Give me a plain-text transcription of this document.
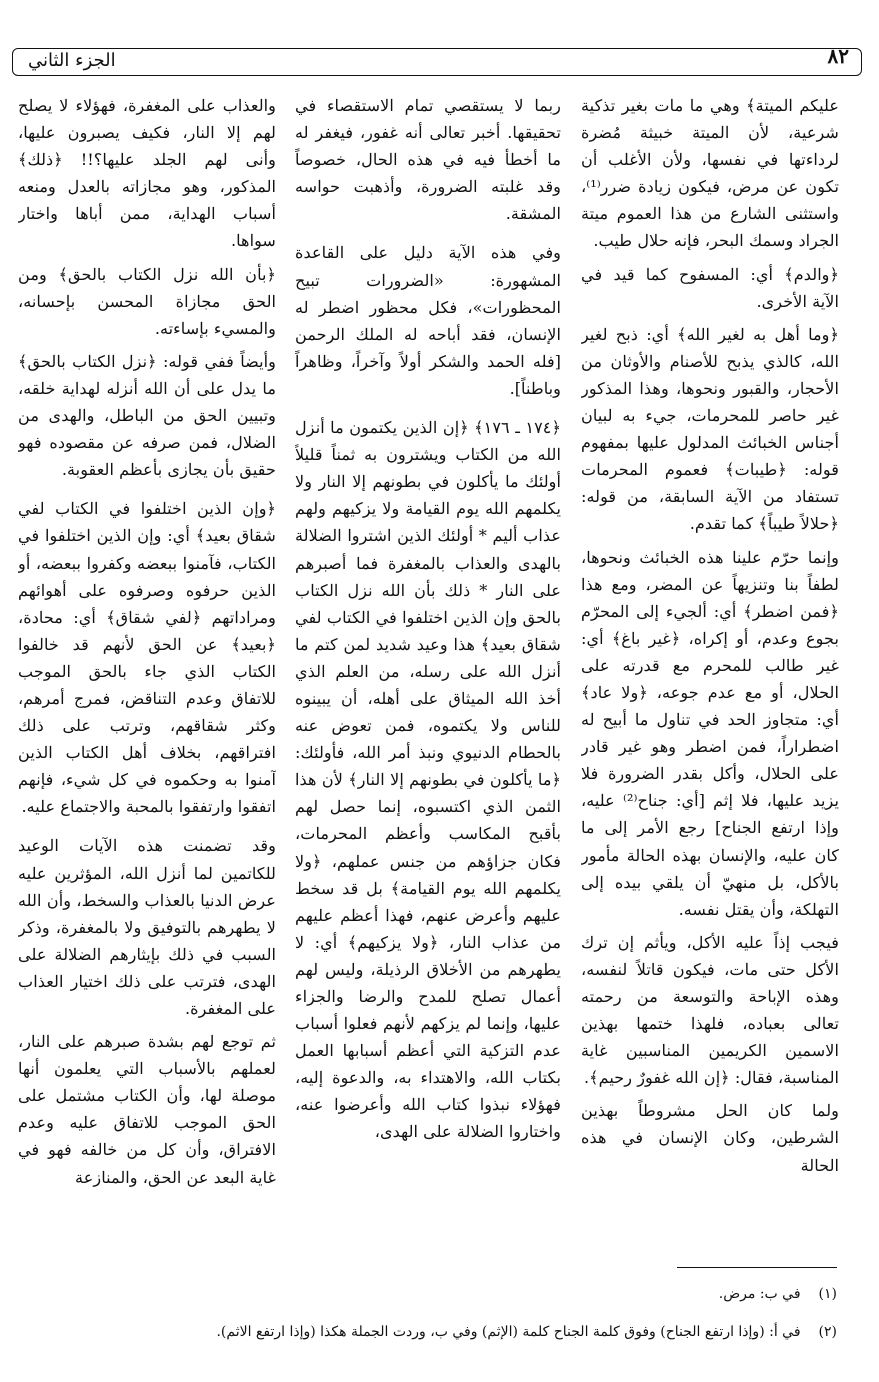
٨٢
الجزء الثاني

عليكم الميتة﴾ وهي ما مات بغير تذكية شرعية، لأن الميتة خبيثة مُضرة لرداءتها في نفسها، ولأن الأغلب أن تكون عن مرض، فيكون زيادة ضرر⁽¹⁾، واستثنى الشارع من هذا العموم ميتة الجراد وسمك البحر، فإنه حلال طيب.

﴿والدم﴾ أي: المسفوح كما قيد في الآية الأخرى.

﴿وما أهل به لغير الله﴾ أي: ذبح لغير الله، كالذي يذبح للأصنام والأوثان من الأحجار، والقبور ونحوها، وهذا المذكور غير حاصر للمحرمات، جيء به لبيان أجناس الخبائث المدلول عليها بمفهوم قوله: ﴿طيبات﴾ فعموم المحرمات تستفاد من الآية السابقة، من قوله: ﴿حلالاً طيباً﴾ كما تقدم.

وإنما حرّم علينا هذه الخبائث ونحوها، لطفاً بنا وتنزيهاً عن المضر، ومع هذا ﴿فمن اضطر﴾ أي: ألجيء إلى المحرّم بجوع وعدم، أو إكراه، ﴿غير باغ﴾ أي: غير طالب للمحرم مع قدرته على الحلال، أو مع عدم جوعه، ﴿ولا عاد﴾ أي: متجاوز الحد في تناول ما أبيح له اضطراراً، فمن اضطر وهو غير قادر على الحلال، وأكل بقدر الضرورة فلا يزيد عليها، فلا إثم [أي: جناح⁽²⁾ عليه، وإذا ارتفع الجناح] رجع الأمر إلى ما كان عليه، والإنسان بهذه الحالة مأمور بالأكل، بل منهيّ أن يلقي بيده إلى التهلكة، وأن يقتل نفسه.

فيجب إذاً عليه الأكل، ويأثم إن ترك الأكل حتى مات، فيكون قاتلاً لنفسه، وهذه الإباحة والتوسعة من رحمته تعالى بعباده، فلهذا ختمها بهذين الاسمين الكريمين المناسبين غاية المناسبة، فقال: ﴿إن الله غفورٌ رحيم﴾.

ولما كان الحل مشروطاً بهذين الشرطين، وكان الإنسان في هذه الحالة

ربما لا يستقصي تمام الاستقصاء في تحقيقها. أخبر تعالى أنه غفور، فيغفر له ما أخطأ فيه في هذه الحال، خصوصاً وقد غلبته الضرورة، وأذهبت حواسه المشقة.

وفي هذه الآية دليل على القاعدة المشهورة: «الضرورات تبيح المحظورات»، فكل محظور اضطر له الإنسان، فقد أباحه له الملك الرحمن [فله الحمد والشكر أولاً وآخراً، وظاهراً وباطناً].

﴿١٧٤ ـ ١٧٦﴾ ﴿إن الذين يكتمون ما أنزل الله من الكتاب ويشترون به ثمناً قليلاً أولئك ما يأكلون في بطونهم إلا النار ولا يكلمهم الله يوم القيامة ولا يزكيهم ولهم عذاب أليم * أولئك الذين اشتروا الضلالة بالهدى والعذاب بالمغفرة فما أصبرهم على النار * ذلك بأن الله نزل الكتاب بالحق وإن الذين اختلفوا في الكتاب لفي شقاق بعيد﴾ هذا وعيد شديد لمن كتم ما أنزل الله على رسله، من العلم الذي أخذ الله الميثاق على أهله، أن يبينوه للناس ولا يكتموه، فمن تعوض عنه بالحطام الدنيوي ونبذ أمر الله، فأولئك: ﴿ما يأكلون في بطونهم إلا النار﴾ لأن هذا الثمن الذي اكتسبوه، إنما حصل لهم بأقبح المكاسب وأعظم المحرمات، فكان جزاؤهم من جنس عملهم، ﴿ولا يكلمهم الله يوم القيامة﴾ بل قد سخط عليهم وأعرض عنهم، فهذا أعظم عليهم من عذاب النار، ﴿ولا يزكيهم﴾ أي: لا يطهرهم من الأخلاق الرذيلة، وليس لهم أعمال تصلح للمدح والرضا والجزاء عليها، وإنما لم يزكهم لأنهم فعلوا أسباب عدم التزكية التي أعظم أسبابها العمل بكتاب الله، والاهتداء به، والدعوة إليه، فهؤلاء نبذوا كتاب الله وأعرضوا عنه، واختاروا الضلالة على الهدى،

والعذاب على المغفرة، فهؤلاء لا يصلح لهم إلا النار، فكيف يصبرون عليها، وأنى لهم الجلد عليها؟!! ﴿ذلك﴾ المذكور، وهو مجازاته بالعدل ومنعه أسباب الهداية، ممن أباها واختار سواها.

﴿بأن الله نزل الكتاب بالحق﴾ ومن الحق مجازاة المحسن بإحسانه، والمسيء بإساءته.

وأيضاً ففي قوله: ﴿نزل الكتاب بالحق﴾ ما يدل على أن الله أنزله لهداية خلقه، وتبيين الحق من الباطل، والهدى من الضلال، فمن صرفه عن مقصوده فهو حقيق بأن يجازى بأعظم العقوبة.

﴿وإن الذين اختلفوا في الكتاب لفي شقاق بعيد﴾ أي: وإن الذين اختلفوا في الكتاب، فآمنوا ببعضه وكفروا ببعضه، أو الذين حرفوه وصرفوه على أهوائهم ومراداتهم ﴿لفي شقاق﴾ أي: محادة، ﴿بعيد﴾ عن الحق لأنهم قد خالفوا الكتاب الذي جاء بالحق الموجب للاتفاق وعدم التناقض، فمرج أمرهم، وكثر شقاقهم، وترتب على ذلك افتراقهم، بخلاف أهل الكتاب الذين آمنوا به وحكموه في كل شيء، فإنهم اتفقوا وارتفقوا بالمحبة والاجتماع عليه.

وقد تضمنت هذه الآيات الوعيد للكاتمين لما أنزل الله، المؤثرين عليه عرض الدنيا بالعذاب والسخط، وأن الله لا يطهرهم بالتوفيق ولا بالمغفرة، وذكر السبب في ذلك بإيثارهم الضلالة على الهدى، فترتب على ذلك اختيار العذاب على المغفرة.

ثم توجع لهم بشدة صبرهم على النار، لعملهم بالأسباب التي يعلمون أنها موصلة لها، وأن الكتاب مشتمل على الحق الموجب للاتفاق عليه وعدم الافتراق، وأن كل من خالفه فهو في غاية البعد عن الحق، والمنازعة

(١)في ب: مرض.
(٢)في أ: (وإذا ارتفع الجناح) وفوق كلمة الجناح كلمة (الإثم) وفي ب، وردت الجملة هكذا (وإذا ارتفع الاثم).
